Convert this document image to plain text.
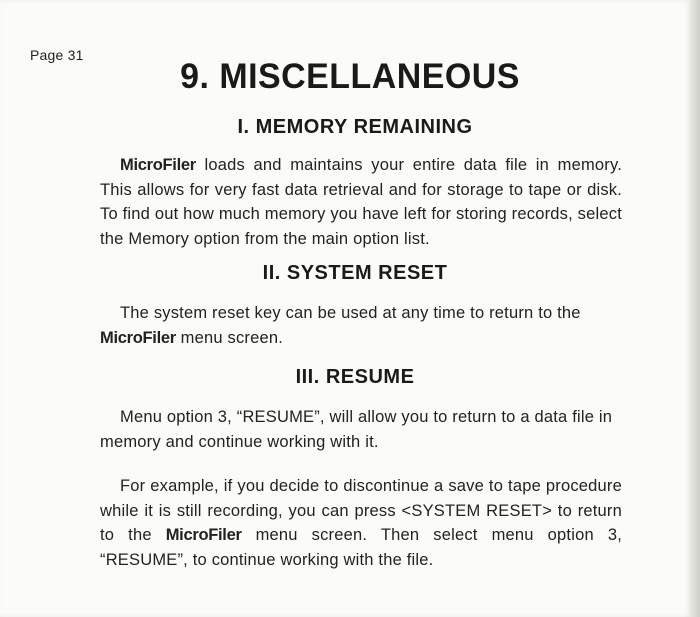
Page 31
9. MISCELLANEOUS
I. MEMORY REMAINING

MicroFiler loads and maintains your entire data file in memory. This allows for very fast data retrieval and for storage to tape or disk. To find out how much memory you have left for storing records, select the Memory option from the main option list.

II. SYSTEM RESET

The system reset key can be used at any time to return to the MicroFiler menu screen.

III. RESUME

Menu option 3, “RESUME”, will allow you to return to a data file in memory and continue working with it.

For example, if you decide to discontinue a save to tape procedure while it is still recording, you can press <SYSTEM RESET> to return to the MicroFiler menu screen. Then select menu option 3, “RESUME”, to continue working with the file.
